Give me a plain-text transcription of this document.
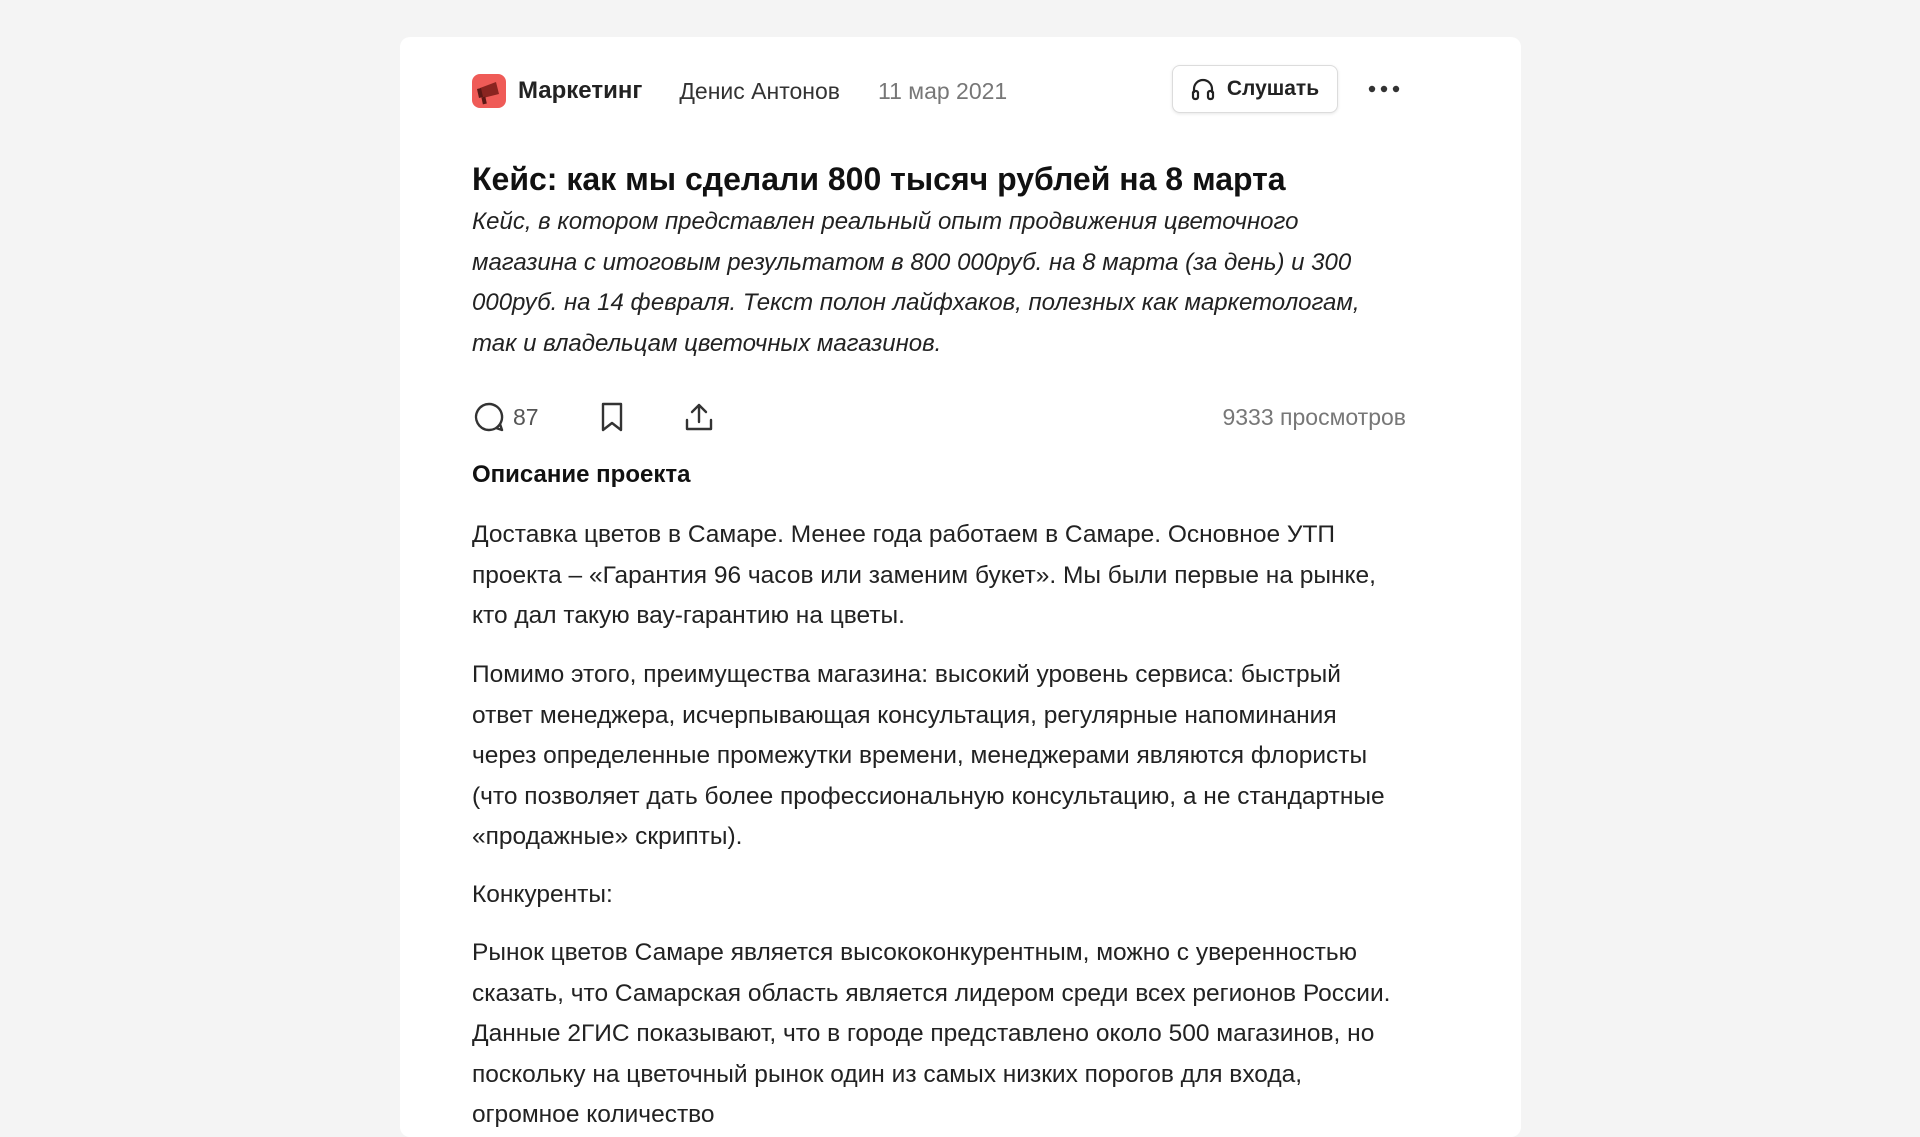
Маркетинг Денис Антонов 11 мар 2021	Слушать
Кейс: как мы сделали 800 тысяч рублей на 8 марта

Кейс, в котором представлен реальный опыт продвижения цветочного магазина с итоговым результатом в 800 000руб. на 8 марта (за день) и 300 000руб. на 14 февраля. Текст полон лайфхаков, полезных как маркетологам, так и владельцам цветочных магазинов.

87	9333 просмотров
Описание проекта

Доставка цветов в Самаре. Менее года работаем в Самаре. Основное УТП проекта – «Гарантия 96 часов или заменим букет». Мы были первые на рынке, кто дал такую вау-гарантию на цветы.

Помимо этого, преимущества магазина: высокий уровень сервиса: быстрый ответ менеджера, исчерпывающая консультация, регулярные напоминания через определенные промежутки времени, менеджерами являются флористы (что позволяет дать более профессиональную консультацию, а не стандартные «продажные» скрипты).

Конкуренты:

Рынок цветов Самаре является высококонкурентным, можно с уверенностью сказать, что Самарская область является лидером среди всех регионов России. Данные 2ГИС показывают, что в городе представлено около 500 магазинов, но поскольку на цветочный рынок один из самых низких порогов для входа, огромное количество
